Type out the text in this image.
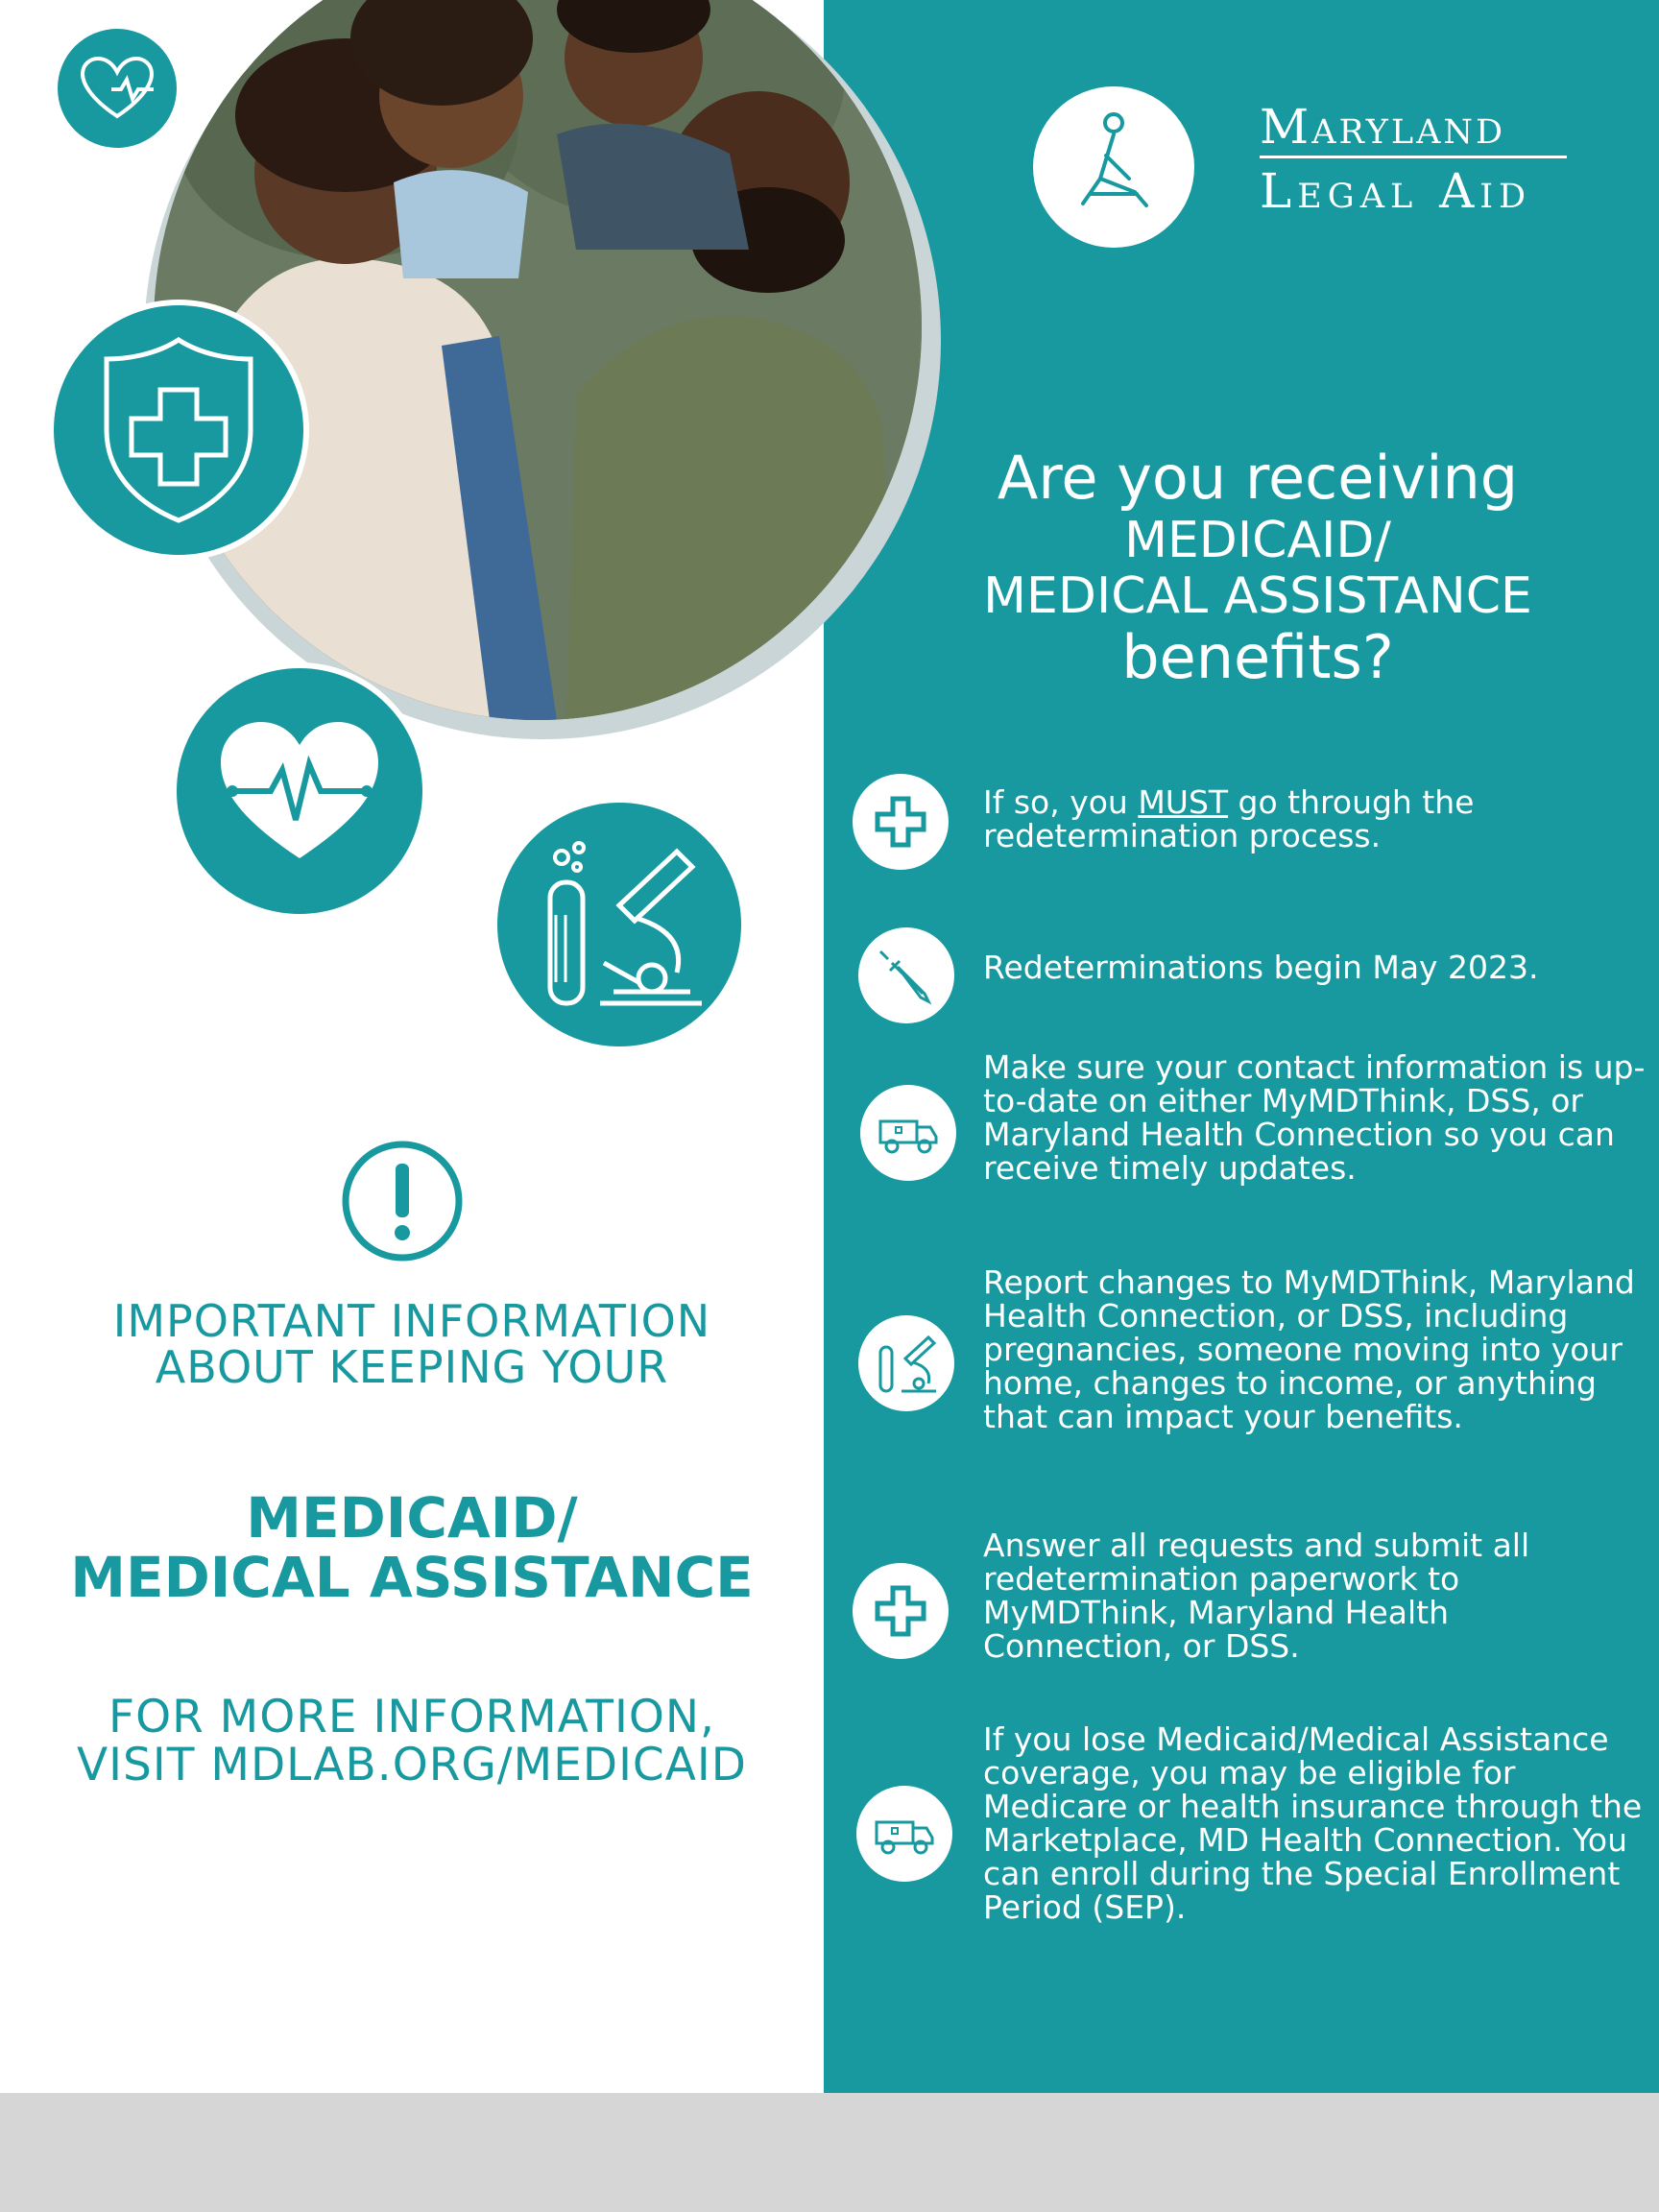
IMPORTANT INFORMATION
ABOUT KEEPING YOUR
MEDICAID/
MEDICAL ASSISTANCE
FOR MORE INFORMATION,
VISIT MDLAB.ORG/MEDICAID
Maryland
Legal Aid
Are you receiving
MEDICAID/
MEDICAL ASSISTANCE
benefits?
If so, you MUST go through the redetermination process.
Redeterminations begin May 2023.
Make sure your contact information is up-to-date on either MyMDThink, DSS, or Maryland Health Connection so you can receive timely updates.
Report changes to MyMDThink, Maryland Health Connection, or DSS, including pregnancies, someone moving into your home, changes to income, or anything that can impact your benefits.
Answer all requests and submit all redetermination paperwork to MyMDThink, Maryland Health Connection, or DSS.
If you lose Medicaid/Medical Assistance coverage, you may be eligible for Medicare or health insurance through the Marketplace, MD Health Connection. You can enroll during the Special Enrollment Period (SEP).
